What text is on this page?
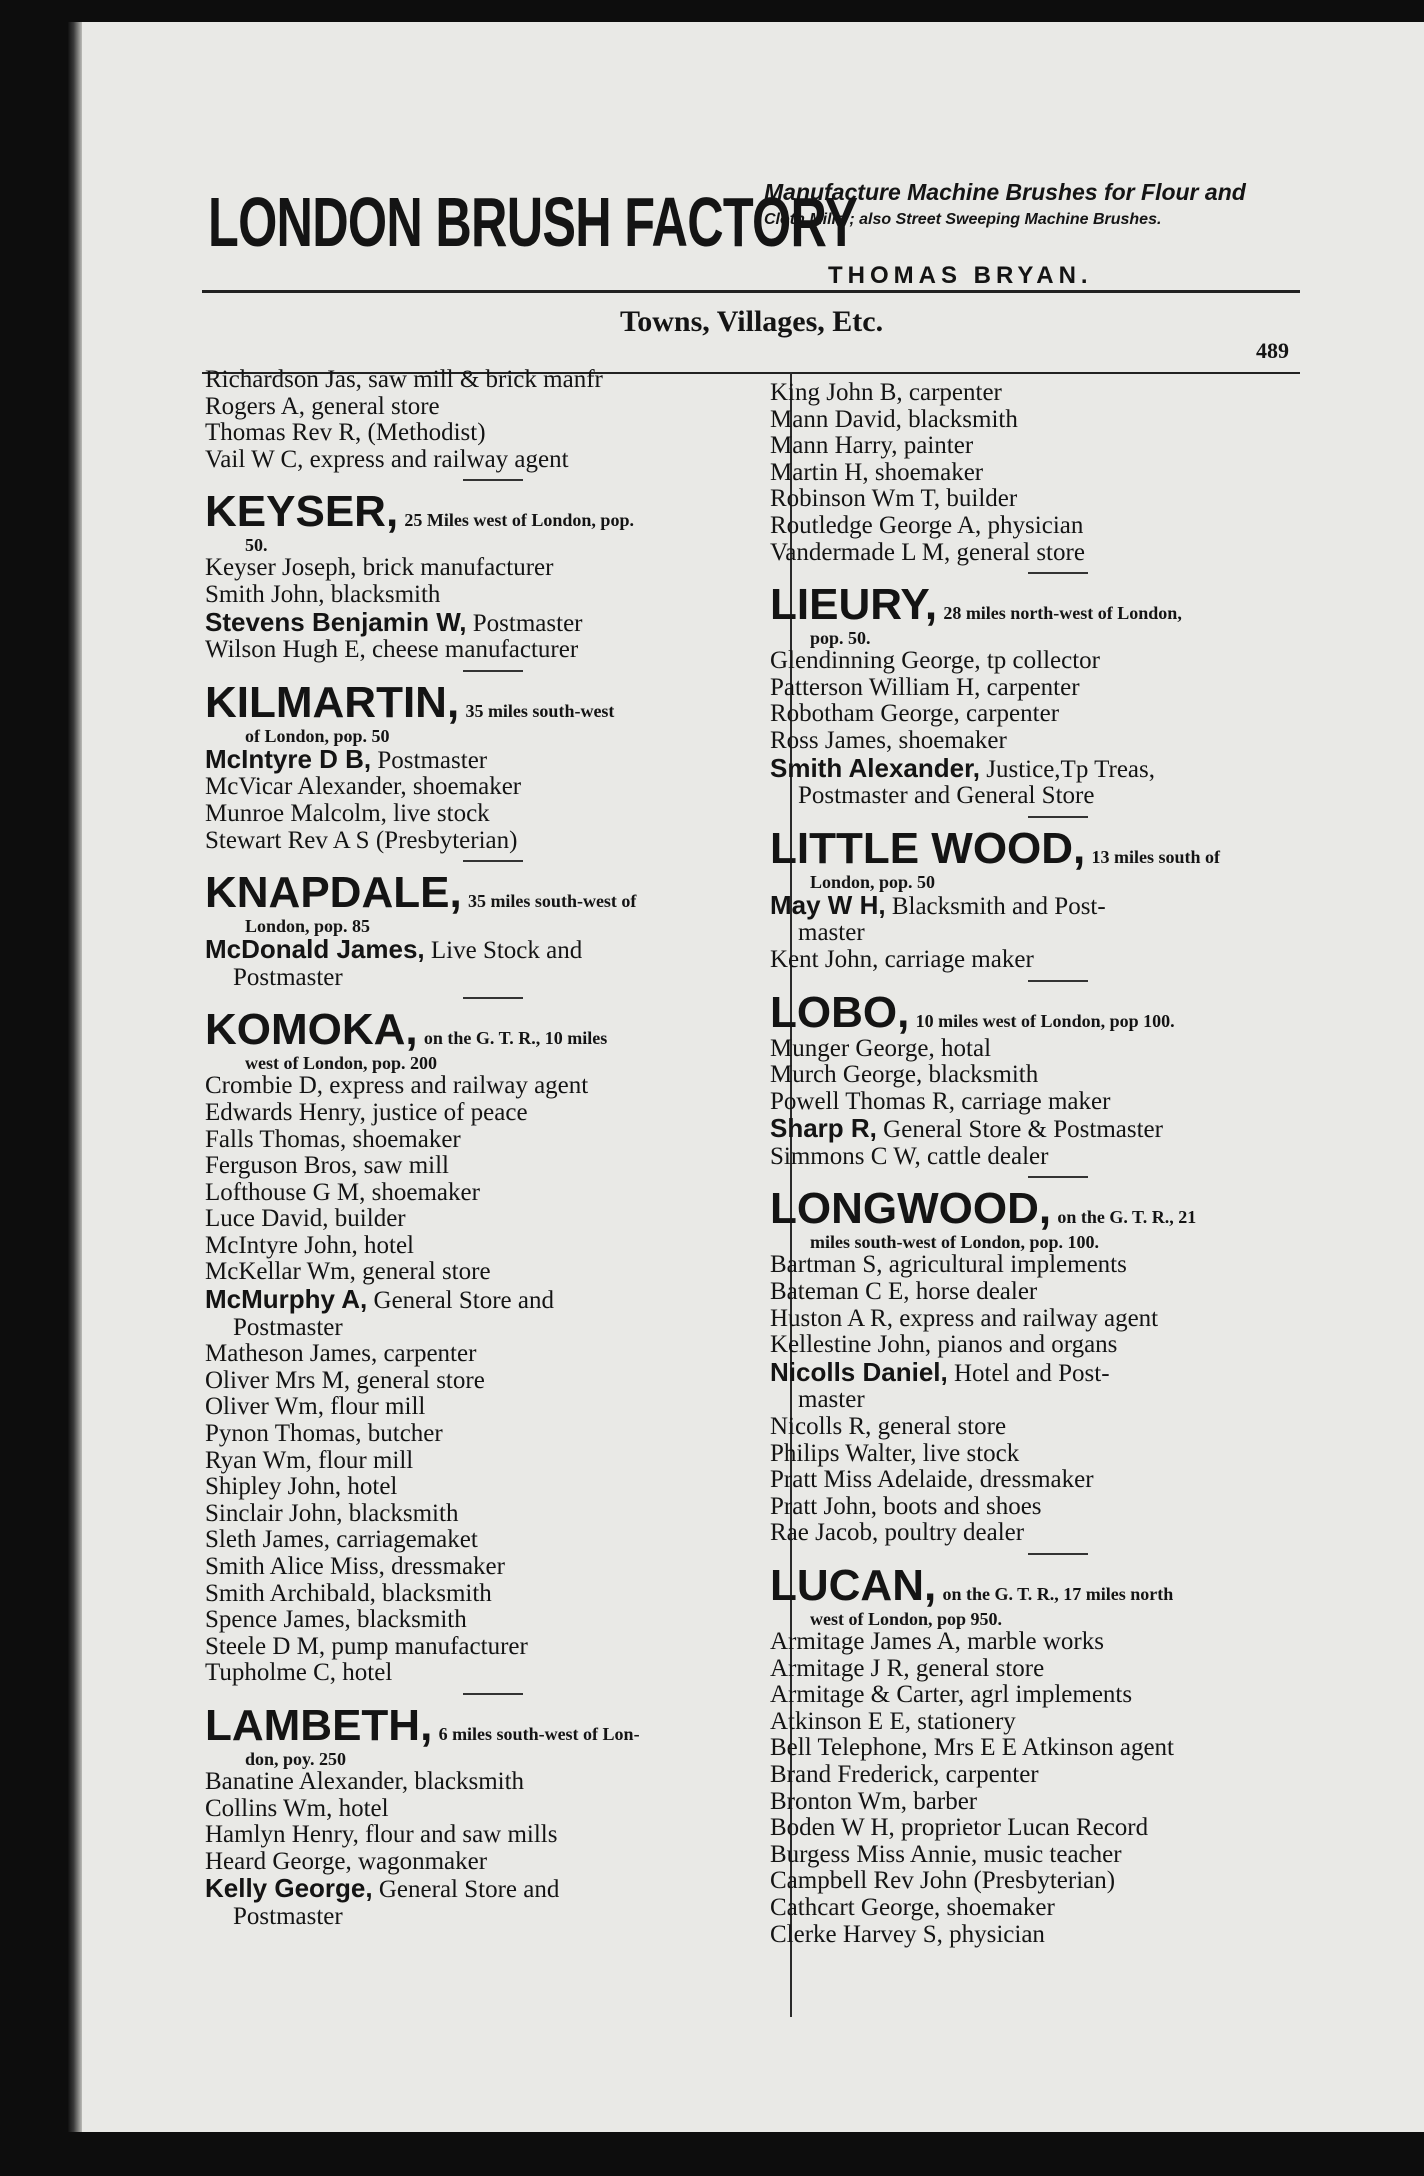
LONDON BRUSH FACTORY
Manufacture Machine Brushes for Flour and
Cloth Mills ; also Street Sweeping Machine Brushes.
THOMAS BRYAN.
Towns, Villages, Etc.
489
Richardson Jas, saw mill & brick manfr
Rogers A, general store
Thomas Rev R, (Methodist)
Vail W C, express and railway agent
KEYSER, 25 Miles west of London, pop.
50.
Keyser Joseph, brick manufacturer
Smith John, blacksmith
Stevens Benjamin W, Postmaster
Wilson Hugh E, cheese manufacturer
KILMARTIN, 35 miles south-west
of London, pop. 50
McIntyre D B, Postmaster
McVicar Alexander, shoemaker
Munroe Malcolm, live stock
Stewart Rev A S (Presbyterian)
KNAPDALE, 35 miles south-west of
London, pop. 85
McDonald James, Live Stock and
Postmaster
KOMOKA, on the G. T. R., 10 miles
west of London, pop. 200
Crombie D, express and railway agent
Edwards Henry, justice of peace
Falls Thomas, shoemaker
Ferguson Bros, saw mill
Lofthouse G M, shoemaker
Luce David, builder
McIntyre John, hotel
McKellar Wm, general store
McMurphy A, General Store and
Postmaster
Matheson James, carpenter
Oliver Mrs M, general store
Oliver Wm, flour mill
Pynon Thomas, butcher
Ryan Wm, flour mill
Shipley John, hotel
Sinclair John, blacksmith
Sleth James, carriagemaket
Smith Alice Miss, dressmaker
Smith Archibald, blacksmith
Spence James, blacksmith
Steele D M, pump manufacturer
Tupholme C, hotel
LAMBETH, 6 miles south-west of Lon-
don, poy. 250
Banatine Alexander, blacksmith
Collins Wm, hotel
Hamlyn Henry, flour and saw mills
Heard George, wagonmaker
Kelly George, General Store and
Postmaster
King John B, carpenter
Mann David, blacksmith
Mann Harry, painter
Martin H, shoemaker
Robinson Wm T, builder
Routledge George A, physician
Vandermade L M, general store
LIEURY, 28 miles north-west of London,
pop. 50.
Glendinning George, tp collector
Patterson William H, carpenter
Robotham George, carpenter
Ross James, shoemaker
Smith Alexander, Justice,Tp Treas,
Postmaster and General Store
LITTLE WOOD, 13 miles south of
London, pop. 50
May W H, Blacksmith and Post-
master
Kent John, carriage maker
LOBO, 10 miles west of London, pop 100.
Munger George, hotal
Murch George, blacksmith
Powell Thomas R, carriage maker
Sharp R, General Store & Postmaster
Simmons C W, cattle dealer
LONGWOOD, on the G. T. R., 21
miles south-west of London, pop. 100.
Bartman S, agricultural implements
Bateman C E, horse dealer
Huston A R, express and railway agent
Kellestine John, pianos and organs
Nicolls Daniel, Hotel and Post-
master
Nicolls R, general store
Philips Walter, live stock
Pratt Miss Adelaide, dressmaker
Pratt John, boots and shoes
Rae Jacob, poultry dealer
LUCAN, on the G. T. R., 17 miles north
west of London, pop 950.
Armitage James A, marble works
Armitage J R, general store
Armitage & Carter, agrl implements
Atkinson E E, stationery
Bell Telephone, Mrs E E Atkinson agent
Brand Frederick, carpenter
Bronton Wm, barber
Boden W H, proprietor Lucan Record
Burgess Miss Annie, music teacher
Campbell Rev John (Presbyterian)
Cathcart George, shoemaker
Clerke Harvey S, physician
